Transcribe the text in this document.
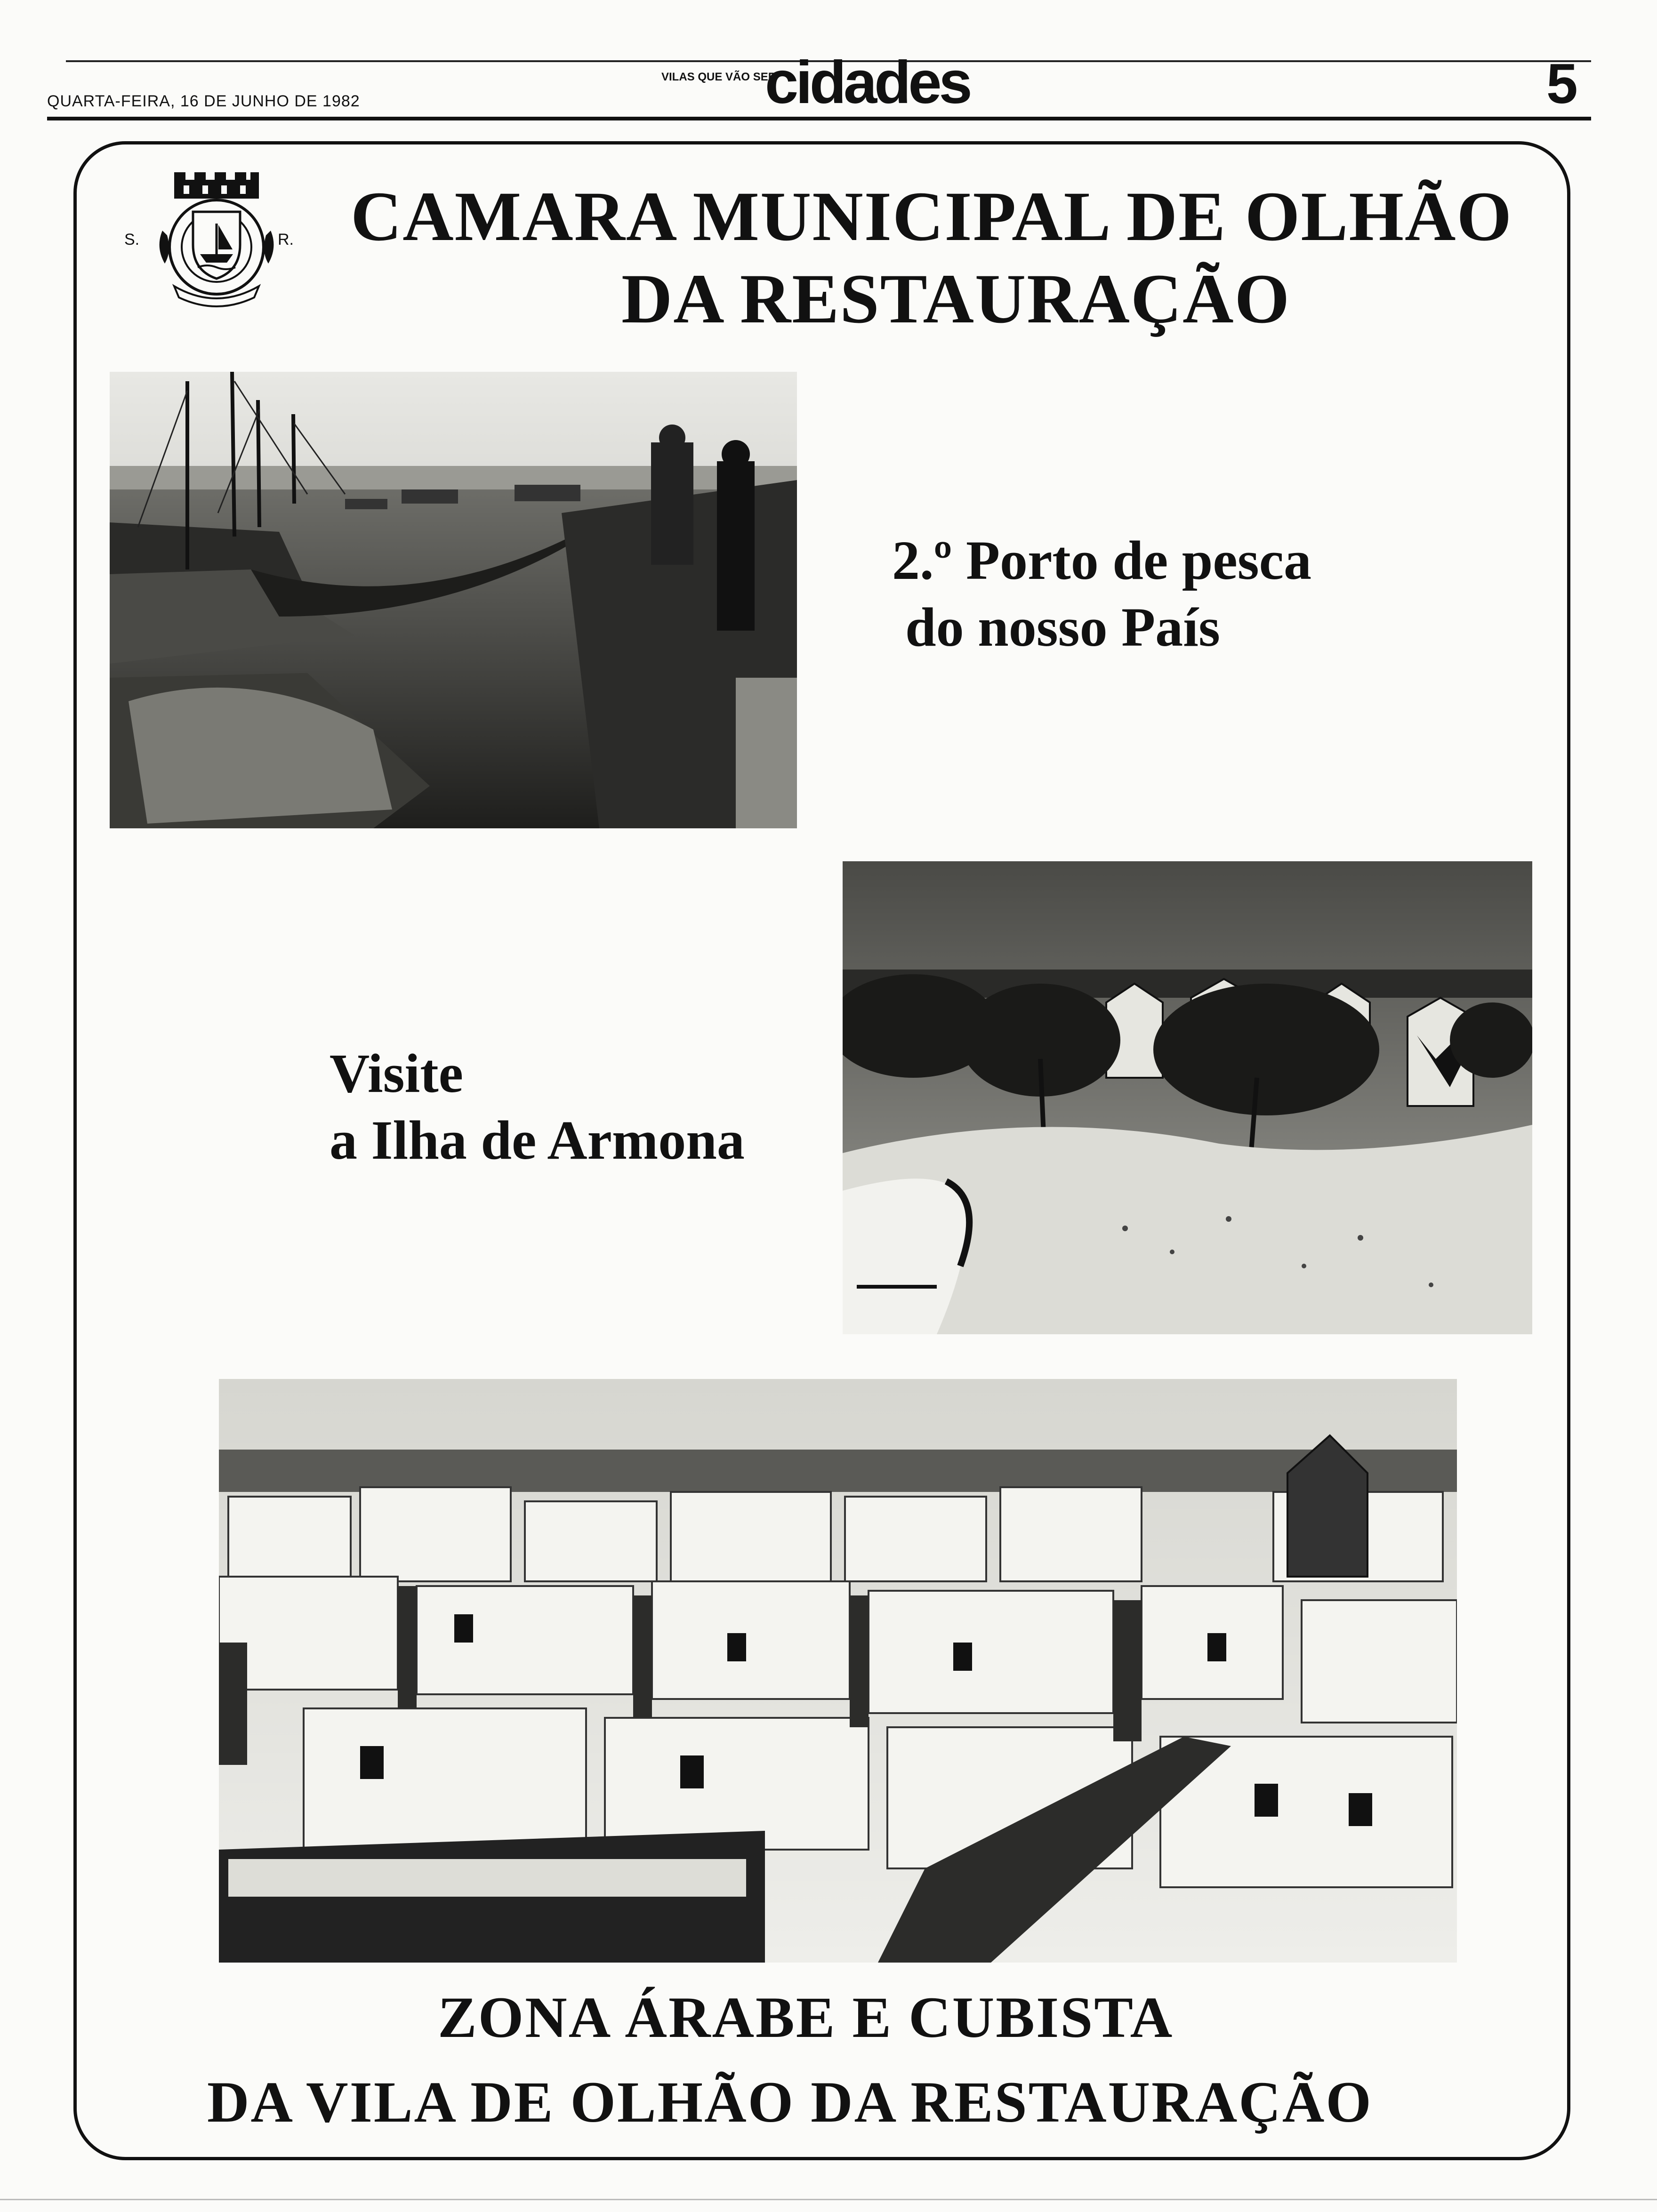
QUARTA-FEIRA, 16 DE JUNHO DE 1982
VILAS QUE VÃO SER
cidades	5
S.	R. CAMARA MUNICIPAL DE OLHÃO
DA RESTAURAÇÃO
2.º Porto de pesca
do nosso País
Visite
a Ilha de Armona
ZONA ÁRABE E CUBISTA
DA VILA DE OLHÃO DA RESTAURAÇÃO
